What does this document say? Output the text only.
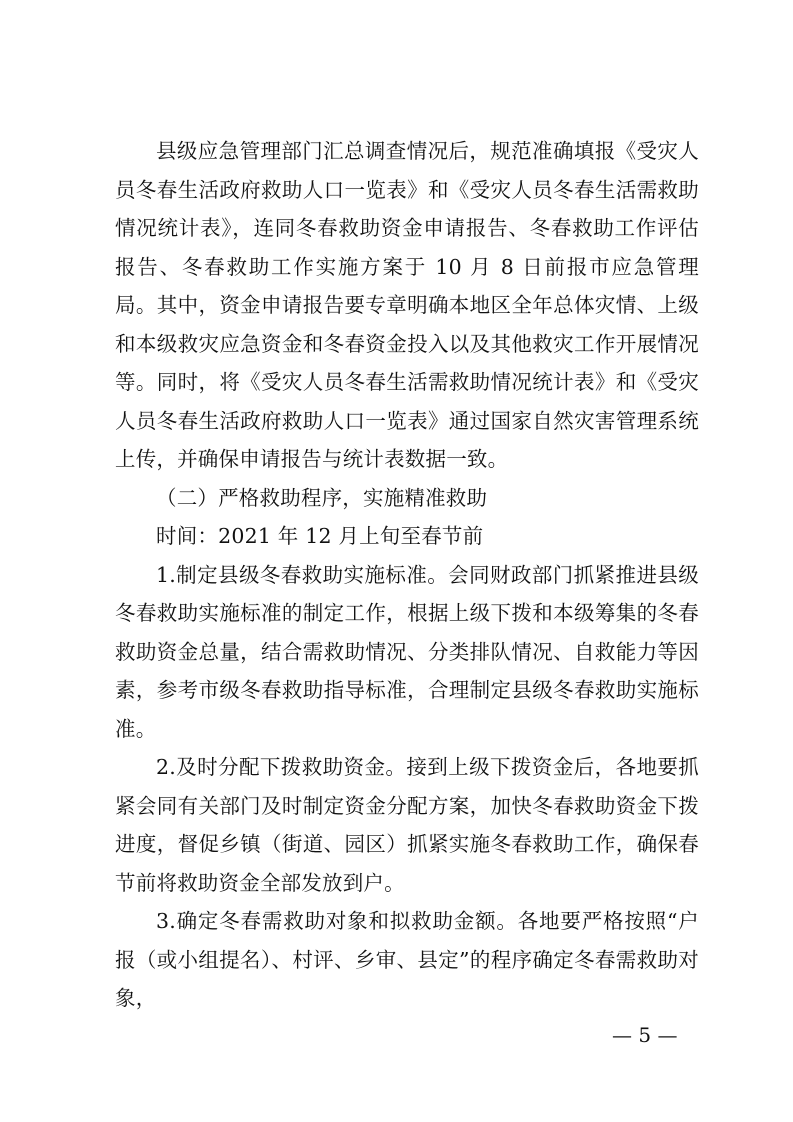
县级应急管理部门汇总调查情况后，规范准确填报《受灾人员冬春生活政府救助人口一览表》和《受灾人员冬春生活需救助情况统计表》，连同冬春救助资金申请报告、冬春救助工作评估报告、冬春救助工作实施方案于 10 月 8 日前报市应急管理局。其中，资金申请报告要专章明确本地区全年总体灾情、上级和本级救灾应急资金和冬春资金投入以及其他救灾工作开展情况等。同时，将《受灾人员冬春生活需救助情况统计表》和《受灾人员冬春生活政府救助人口一览表》通过国家自然灾害管理系统上传，并确保申请报告与统计表数据一致。

（二）严格救助程序，实施精准救助

时间：2021 年 12 月上旬至春节前

1.制定县级冬春救助实施标准。会同财政部门抓紧推进县级冬春救助实施标准的制定工作，根据上级下拨和本级筹集的冬春救助资金总量，结合需救助情况、分类排队情况、自救能力等因素，参考市级冬春救助指导标准，合理制定县级冬春救助实施标准。

2.及时分配下拨救助资金。接到上级下拨资金后，各地要抓紧会同有关部门及时制定资金分配方案，加快冬春救助资金下拨进度，督促乡镇（街道、园区）抓紧实施冬春救助工作，确保春节前将救助资金全部发放到户。

3.确定冬春需救助对象和拟救助金额。各地要严格按照“户报（或小组提名）、村评、乡审、县定”的程序确定冬春需救助对象，

— 5 —
